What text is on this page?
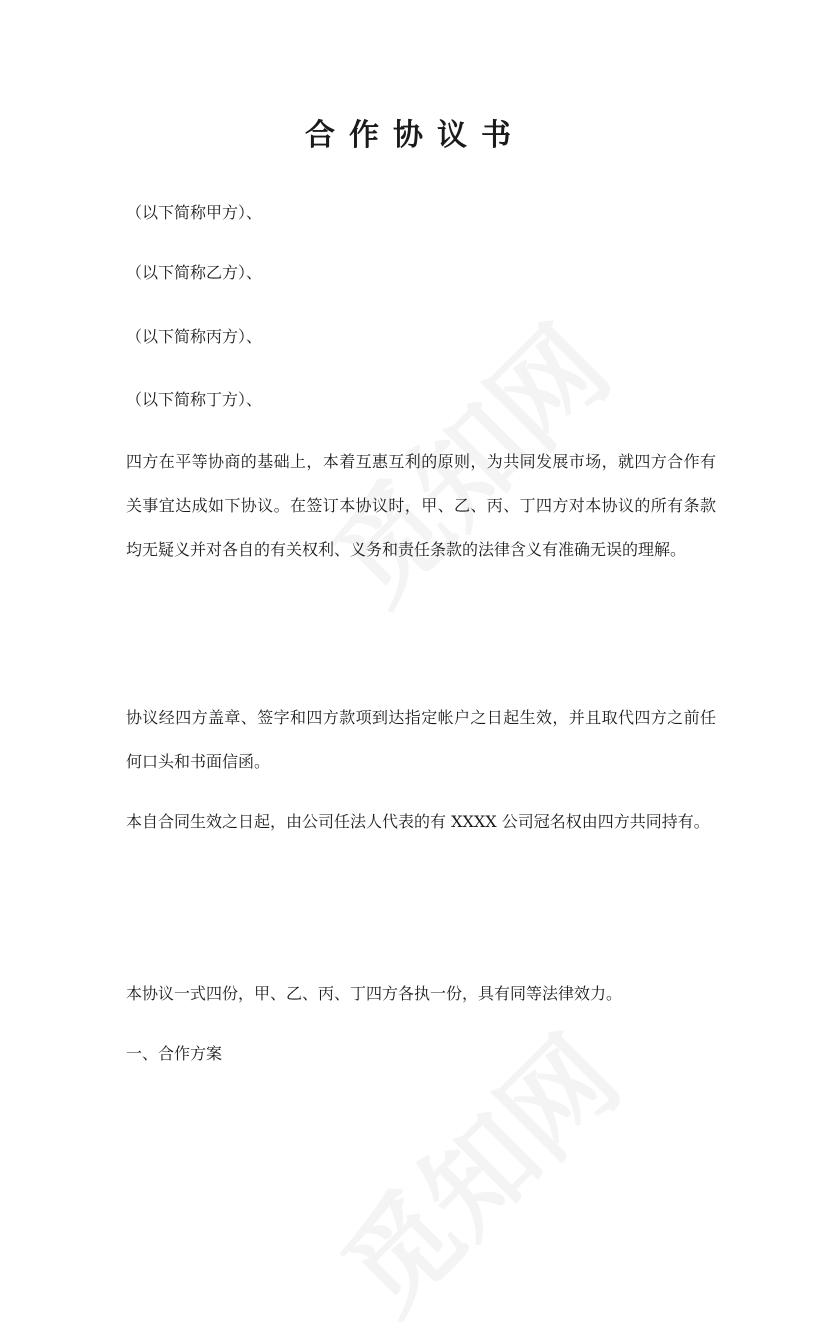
合作协议书
（以下简称甲方）、
（以下简称乙方）、
（以下简称丙方）、
（以下简称丁方）、
四方在平等协商的基础上，本着互惠互利的原则，为共同发展市场，就四方合作有关事宜达成如下协议。在签订本协议时，甲、乙、丙、丁四方对本协议的所有条款均无疑义并对各自的有关权利、义务和责任条款的法律含义有准确无误的理解。
协议经四方盖章、签字和四方款项到达指定帐户之日起生效，并且取代四方之前任何口头和书面信函。
本自合同生效之日起，由公司任法人代表的有 XXXX 公司冠名权由四方共同持有。
本协议一式四份，甲、乙、丙、丁四方各执一份，具有同等法律效力。
一、合作方案
